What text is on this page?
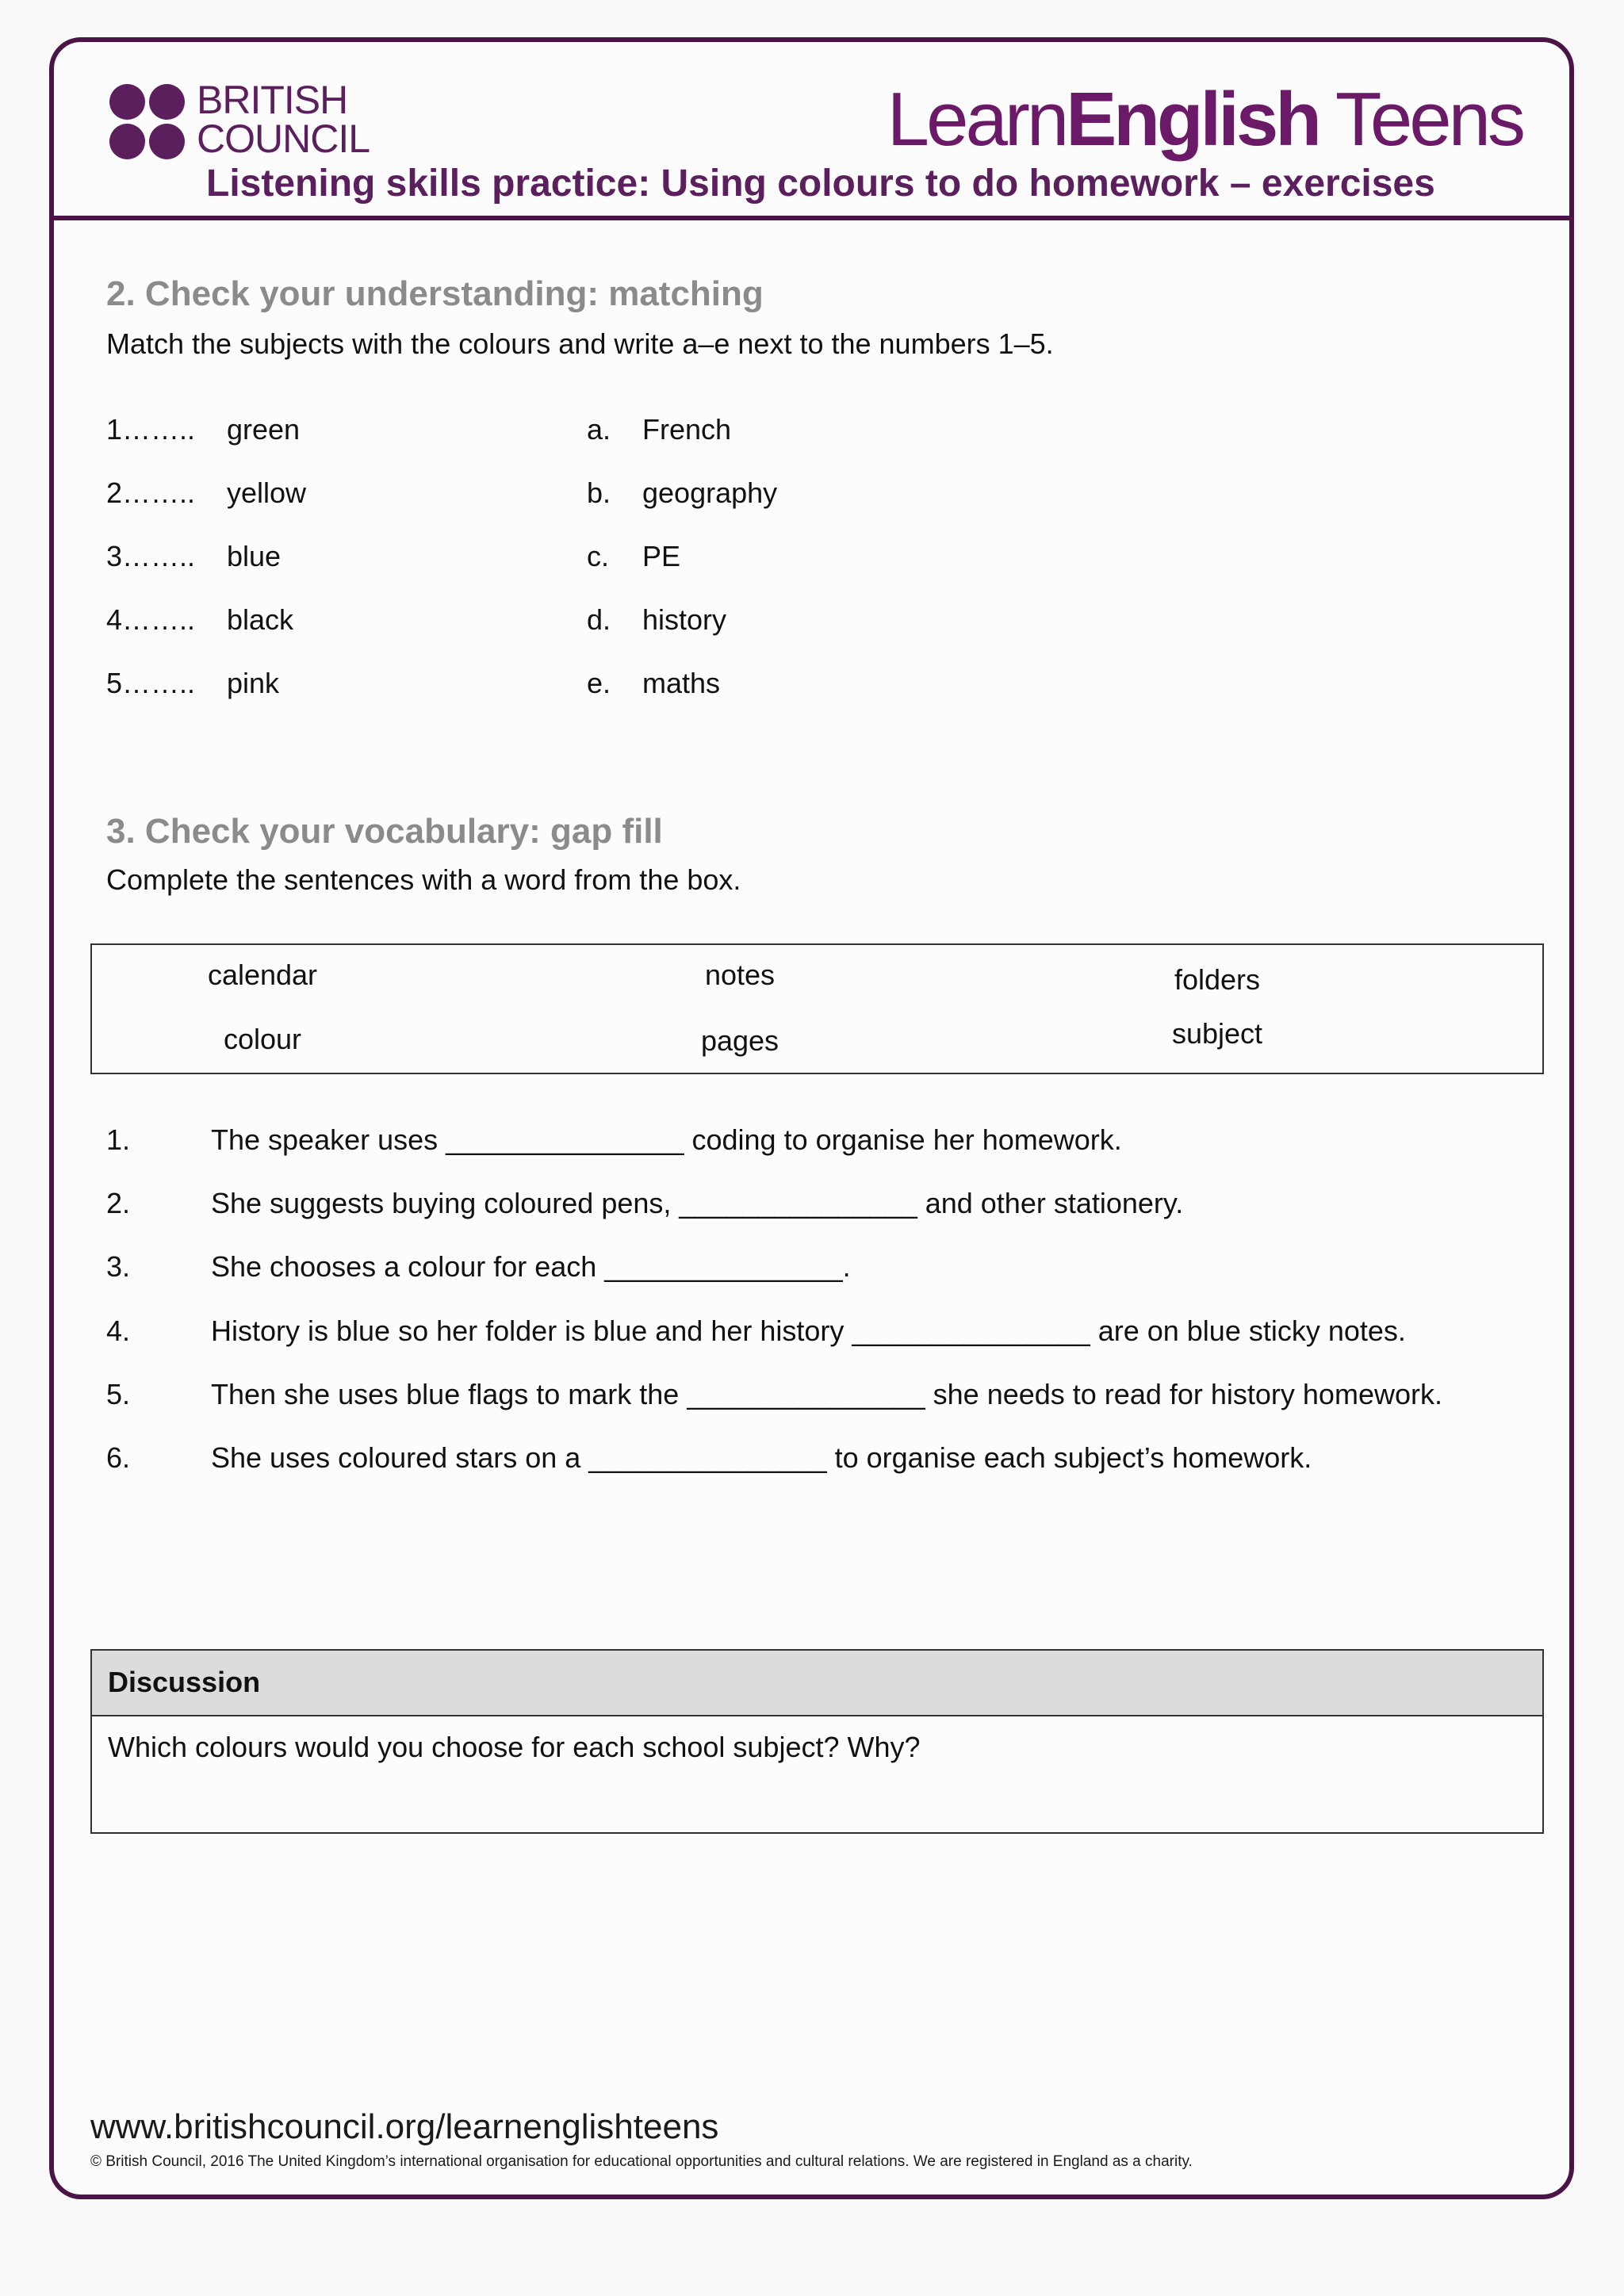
BRITISH
COUNCIL	LearnEnglish Teens
Listening skills practice: Using colours to do homework – exercises
2. Check your understanding: matching
Match the subjects with the colours and write a–e next to the numbers 1–5.
1…….. green	a. French
2…….. yellow	b. geography
3…….. blue	c. PE
4…….. black	d. history
5…….. pink	e. maths
3. Check your vocabulary: gap fill
Complete the sentences with a word from the box.
calendar	notes	folders
colour	pages	subject
1.	The speaker uses _______________ coding to organise her homework.
2.	She suggests buying coloured pens, _______________ and other stationery.
3.	She chooses a colour for each _______________.
4.	History is blue so her folder is blue and her history _______________ are on blue sticky notes.
5.	Then she uses blue flags to mark the _______________ she needs to read for history homework.
6.	She uses coloured stars on a _______________ to organise each subject’s homework.
Discussion
Which colours would you choose for each school subject? Why?
www.britishcouncil.org/learnenglishteens
© British Council, 2016 The United Kingdom’s international organisation for educational opportunities and cultural relations. We are registered in England as a charity.
